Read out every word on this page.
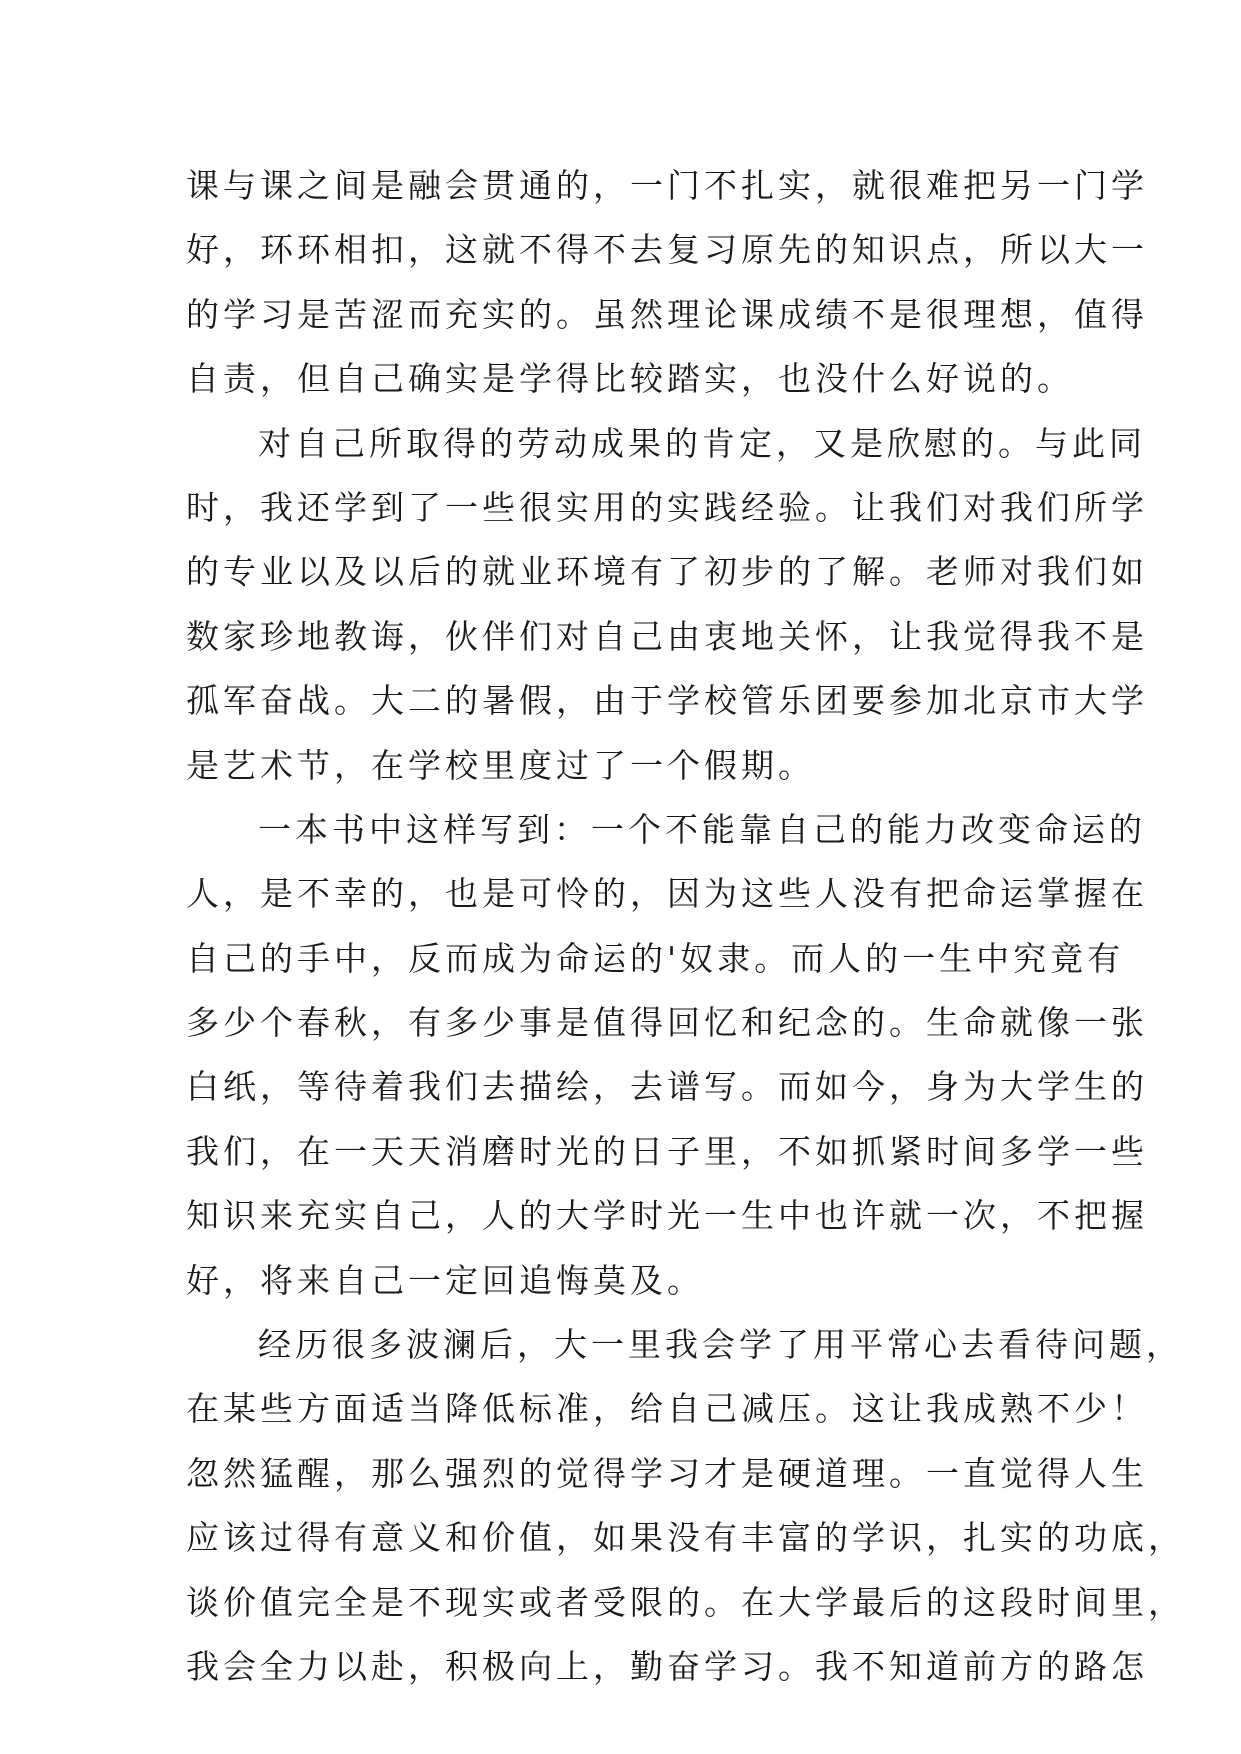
课与课之间是融会贯通的，一门不扎实，就很难把另一门学
好，环环相扣，这就不得不去复习原先的知识点，所以大一
的学习是苦涩而充实的。虽然理论课成绩不是很理想，值得
自责，但自己确实是学得比较踏实，也没什么好说的。
对自己所取得的劳动成果的肯定，又是欣慰的。与此同
时，我还学到了一些很实用的实践经验。让我们对我们所学
的专业以及以后的就业环境有了初步的了解。老师对我们如
数家珍地教诲，伙伴们对自己由衷地关怀，让我觉得我不是
孤军奋战。大二的暑假，由于学校管乐团要参加北京市大学
是艺术节，在学校里度过了一个假期。
一本书中这样写到：一个不能靠自己的能力改变命运的
人，是不幸的，也是可怜的，因为这些人没有把命运掌握在
自己的手中，反而成为命运的'奴隶。而人的一生中究竟有
多少个春秋，有多少事是值得回忆和纪念的。生命就像一张
白纸，等待着我们去描绘，去谱写。而如今，身为大学生的
我们，在一天天消磨时光的日子里，不如抓紧时间多学一些
知识来充实自己，人的大学时光一生中也许就一次，不把握
好，将来自己一定回追悔莫及。
经历很多波澜后，大一里我会学了用平常心去看待问题，
在某些方面适当降低标准，给自己减压。这让我成熟不少！
忽然猛醒，那么强烈的觉得学习才是硬道理。一直觉得人生
应该过得有意义和价值，如果没有丰富的学识，扎实的功底，
谈价值完全是不现实或者受限的。在大学最后的这段时间里，
我会全力以赴，积极向上，勤奋学习。我不知道前方的路怎
